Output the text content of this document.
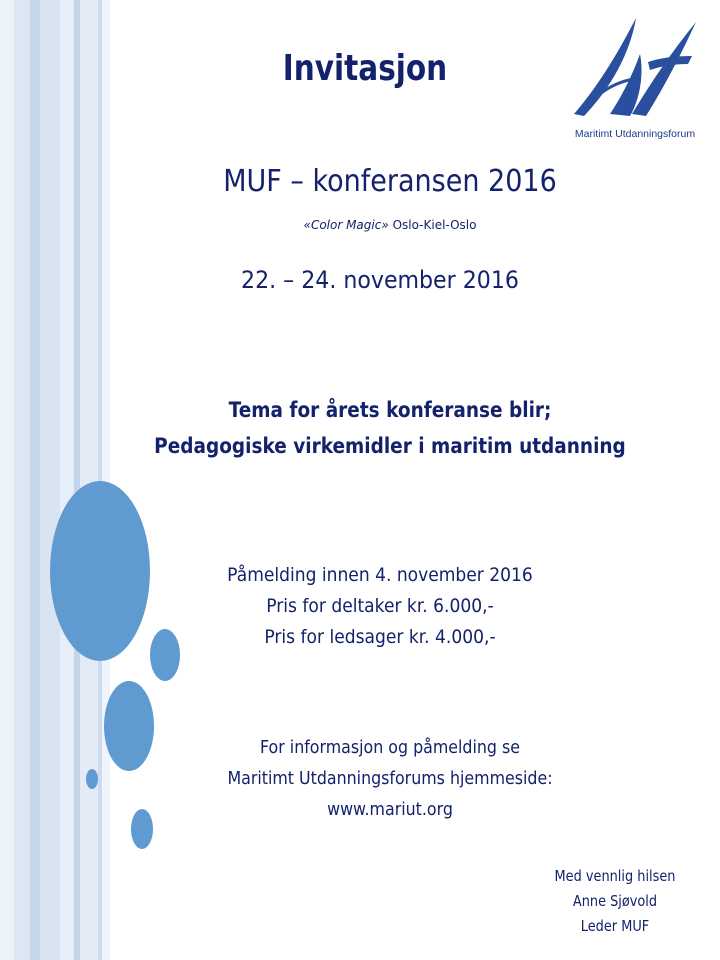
Maritimt Utdanningsforum
Invitasjon
MUF – konferansen 2016
«Color Magic» Oslo-Kiel-Oslo
22. – 24. november 2016
Tema for årets konferanse blir;
Pedagogiske virkemidler i maritim utdanning
Påmelding innen 4. november 2016
Pris for deltaker kr. 6.000,-
Pris for ledsager kr. 4.000,-
For informasjon og påmelding se
Maritimt Utdanningsforums hjemmeside:
www.mariut.org
Med vennlig hilsen
Anne Sjøvold
Leder MUF
